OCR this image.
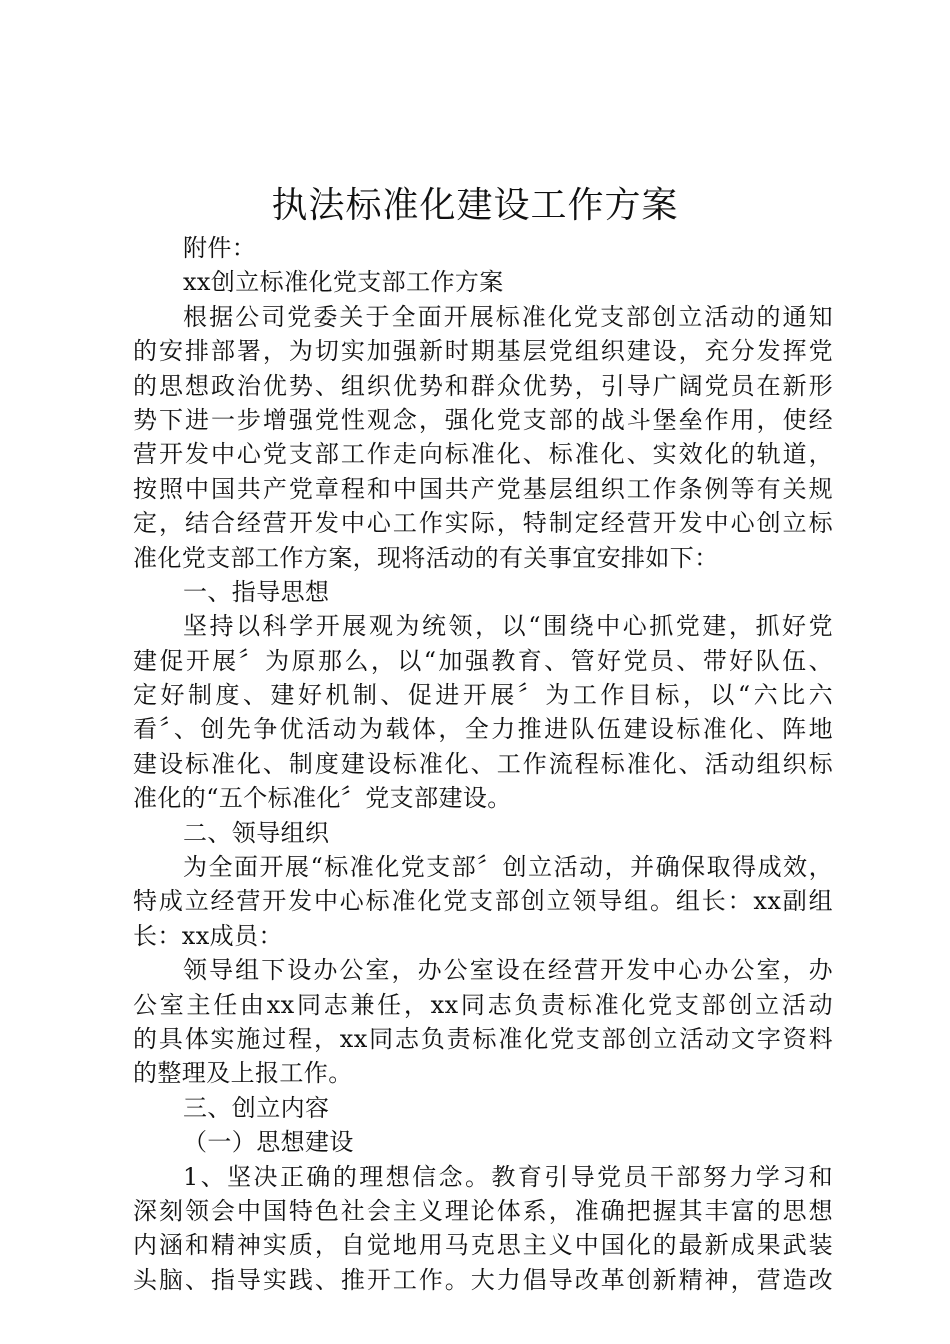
执法标准化建设工作方案
附件：
xx创立标准化党支部工作方案
根据公司党委关于全面开展标准化党支部创立活动的通知
的安排部署，为切实加强新时期基层党组织建设，充分发挥党
的思想政治优势、组织优势和群众优势，引导广阔党员在新形
势下进一步增强党性观念，强化党支部的战斗堡垒作用，使经
营开发中心党支部工作走向标准化、标准化、实效化的轨道，
按照中国共产党章程和中国共产党基层组织工作条例等有关规
定，结合经营开发中心工作实际，特制定经营开发中心创立标
准化党支部工作方案，现将活动的有关事宜安排如下：
一、指导思想
坚持以科学开展观为统领，以“围绕中心抓党建，抓好党
建促开展〞为原那么，以“加强教育、管好党员、带好队伍、
定好制度、建好机制、促进开展〞为工作目标，以“六比六
看〞、创先争优活动为载体，全力推进队伍建设标准化、阵地
建设标准化、制度建设标准化、工作流程标准化、活动组织标
准化的“五个标准化〞党支部建设。
二、领导组织
为全面开展“标准化党支部〞创立活动，并确保取得成效，
特成立经营开发中心标准化党支部创立领导组。组长：xx副组
长：xx成员：
领导组下设办公室，办公室设在经营开发中心办公室，办
公室主任由xx同志兼任，xx同志负责标准化党支部创立活动
的具体实施过程，xx同志负责标准化党支部创立活动文字资料
的整理及上报工作。
三、创立内容
（一）思想建设
1、坚决正确的理想信念。教育引导党员干部努力学习和
深刻领会中国特色社会主义理论体系，准确把握其丰富的思想
内涵和精神实质，自觉地用马克思主义中国化的最新成果武装
头脑、指导实践、推开工作。大力倡导改革创新精神，营造改
